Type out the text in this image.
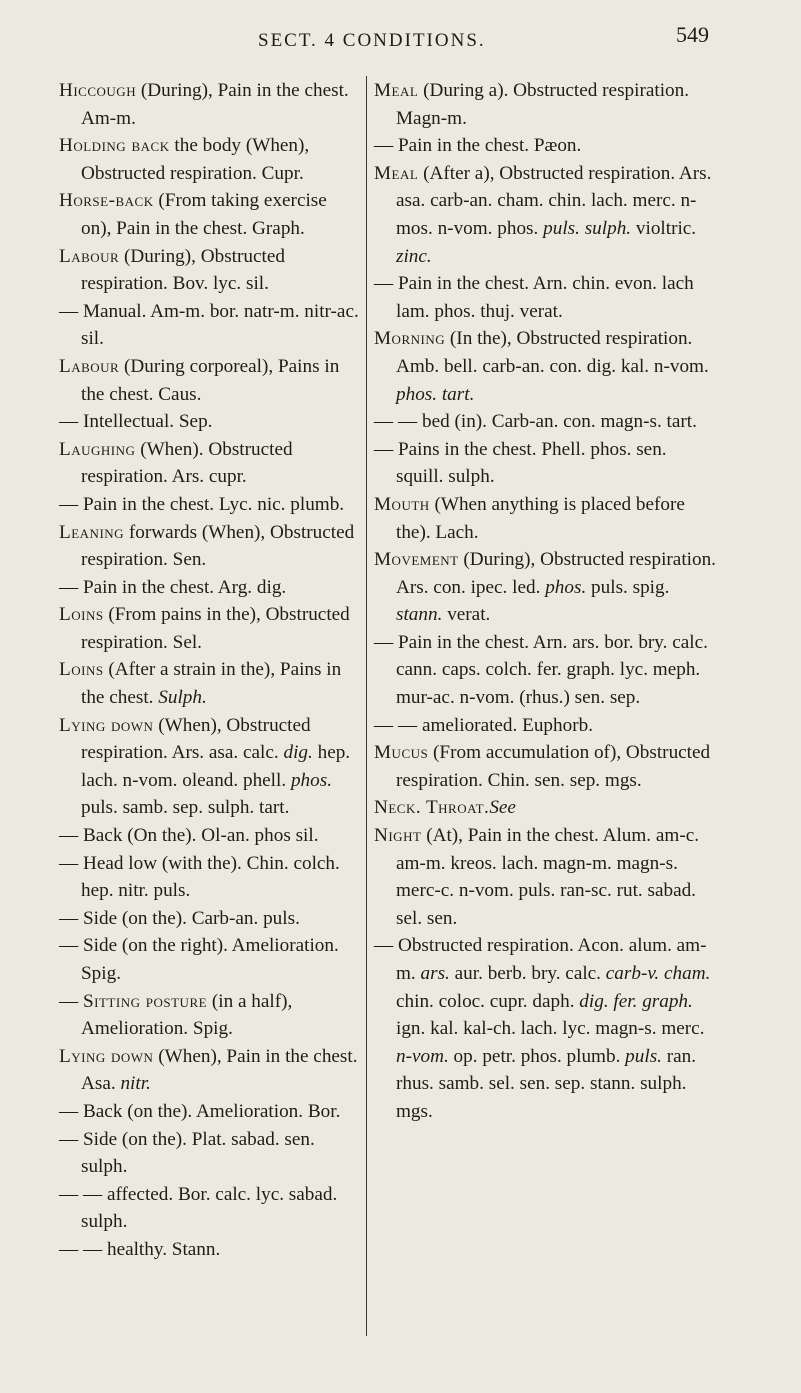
SECT. 4 CONDITIONS.	549

Hiccough (During), Pain in the chest. Am-m.

Holding back the body (When), Obstructed respiration. Cupr.

Horse-back (From taking exercise on), Pain in the chest. Graph.

Labour (During), Obstructed respiration. Bov. lyc. sil.

— Manual. Am-m. bor. natr-m. nitr-ac. sil.

Labour (During corporeal), Pains in the chest. Caus.

— Intellectual. Sep.

Laughing (When). Obstructed respiration. Ars. cupr.

— Pain in the chest. Lyc. nic. plumb.

Leaning forwards (When), Obstructed respiration. Sen.

— Pain in the chest. Arg. dig.

Loins (From pains in the), Obstructed respiration. Sel.

Loins (After a strain in the), Pains in the chest. Sulph.

Lying down (When), Obstructed respiration. Ars. asa. calc. dig. hep. lach. n-vom. oleand. phell. phos. puls. samb. sep. sulph. tart.

— Back (On the). Ol-an. phos sil.

— Head low (with the). Chin. colch. hep. nitr. puls.

— Side (on the). Carb-an. puls.

— Side (on the right). Amelioration. Spig.

— Sitting posture (in a half), Amelioration. Spig.

Lying down (When), Pain in the chest. Asa. nitr.

— Back (on the). Amelioration. Bor.

— Side (on the). Plat. sabad. sen. sulph.

— — affected. Bor. calc. lyc. sabad. sulph.

— — healthy. Stann.

Meal (During a). Obstructed respiration. Magn-m.

— Pain in the chest. Pæon.

Meal (After a), Obstructed respiration. Ars. asa. carb-an. cham. chin. lach. merc. n-mos. n-vom. phos. puls. sulph. violtric. zinc.

— Pain in the chest. Arn. chin. evon. lach lam. phos. thuj. verat.

Morning (In the), Obstructed respiration. Amb. bell. carb-an. con. dig. kal. n-vom. phos. tart.

— — bed (in). Carb-an. con. magn-s. tart.

— Pains in the chest. Phell. phos. sen. squill. sulph.

Mouth (When anything is placed before the). Lach.

Movement (During), Obstructed respiration. Ars. con. ipec. led. phos. puls. spig. stann. verat.

— Pain in the chest. Arn. ars. bor. bry. calc. cann. caps. colch. fer. graph. lyc. meph. mur-ac. n-vom. (rhus.) sen. sep.

— — ameliorated. Euphorb.

Mucus (From accumulation of), Obstructed respiration. Chin. sen. sep. mgs.

Neck. Throat.See

Night (At), Pain in the chest. Alum. am-c. am-m. kreos. lach. magn-m. magn-s. merc-c. n-vom. puls. ran-sc. rut. sabad. sel. sen.

— Obstructed respiration. Acon. alum. am-m. ars. aur. berb. bry. calc. carb-v. cham. chin. coloc. cupr. daph. dig. fer. graph. ign. kal. kal-ch. lach. lyc. magn-s. merc. n-vom. op. petr. phos. plumb. puls. ran. rhus. samb. sel. sen. sep. stann. sulph. mgs.
